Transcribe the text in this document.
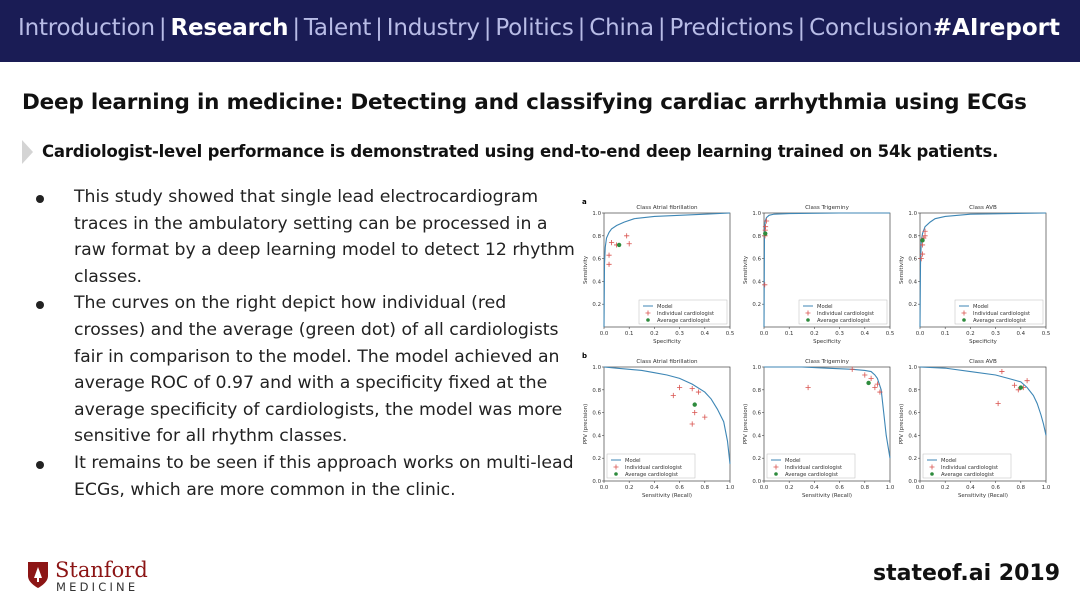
Introduction | Research | Talent | Industry | Politics | China | Predictions | Conclusion #AIreport
Deep learning in medicine: Detecting and classifying cardiac arrhythmia using ECGs
Cardiologist-level performance is demonstrated using end-to-end deep learning trained on 54k patients.
This study showed that single lead electrocardiogram traces in the ambulatory setting can be processed in a raw format by a deep learning model to detect 12 rhythm classes.
The curves on the right depict how individual (red crosses) and the average (green dot) of all cardiologists fair in comparison to the model. The model achieved an average ROC of 0.97 and with a specificity fixed at the average specificity of cardiologists, the model was more sensitive for all rhythm classes.
It remains to be seen if this approach works on multi-lead ECGs, which are more common in the clinic.
a
b
Class Atrial fibrillation
0.0	0.1	0.2	0.3	0.4	0.5
0.2
0.4
0.6
0.8
1.0
Specificity
Sensitivity
Model
Individual cardiologist
Average cardiologist
Class Trigeminy
0.0	0.1	0.2	0.3	0.4	0.5
0.2
0.4
0.6
0.8
1.0
Specificity
Sensitivity
Model
Individual cardiologist
Average cardiologist
Class AVB
0.0	0.1	0.2	0.3	0.4	0.5
0.2
0.4
0.6
0.8
1.0
Specificity
Sensitivity
Model
Individual cardiologist
Average cardiologist
Class Atrial fibrillation
0.0	0.2	0.4	0.6	0.8	1.0
0.0
0.2
0.4
0.6
0.8
1.0
Sensitivity (Recall)
PPV (precision)
Model
Individual cardiologist
Average cardiologist
Class Trigeminy
0.0	0.2	0.4	0.6	0.8	1.0
0.0
0.2
0.4
0.6
0.8
1.0
Sensitivity (Recall)
PPV (precision)
Model
Individual cardiologist
Average cardiologist
Class AVB
0.0	0.2	0.4	0.6	0.8	1.0
0.0
0.2
0.4
0.6
0.8
1.0
Sensitivity (Recall)
PPV (precision)
Model
Individual cardiologist
Average cardiologist
Stanford
MEDICINE
stateof.ai 2019
